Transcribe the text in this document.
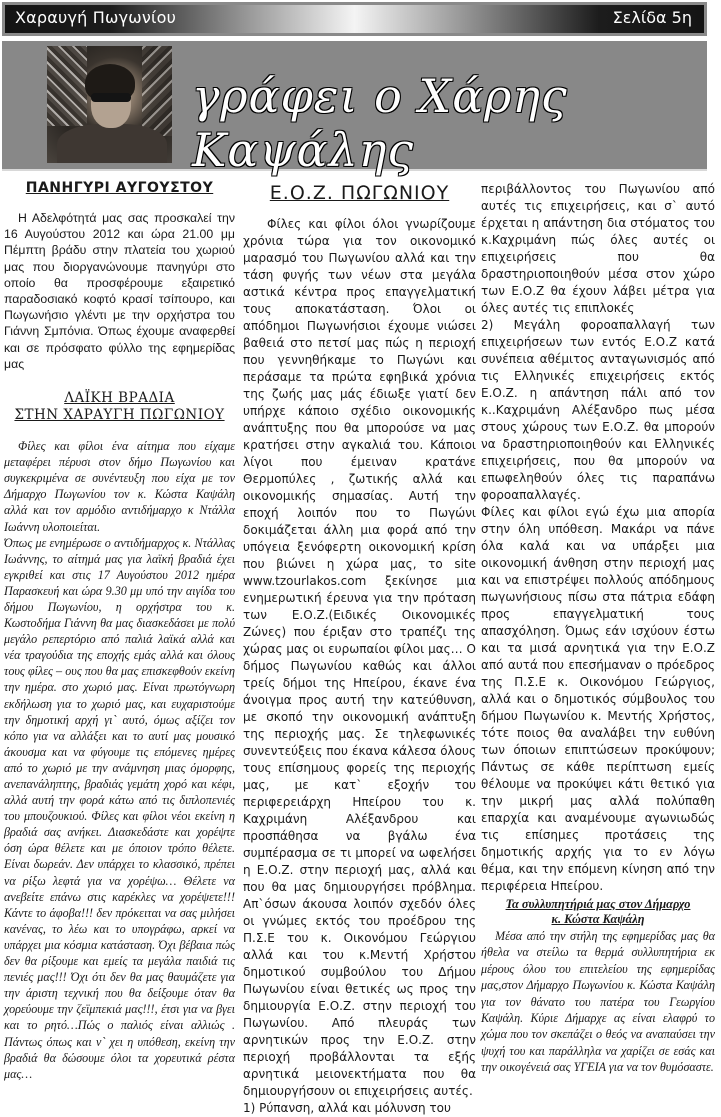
Χαραυγή Πωγωνίου	Σελίδα 5η
γράφει ο Χάρης Καψάλης
ΠΑΝΗΓΥΡΙ ΑΥΓΟΥΣΤΟΥ

Η Αδελφότητά μας σας προσκαλεί την 16 Αυγούστου 2012 και ώρα 21.00 μμ Πέμπτη βράδυ στην πλατεία του χωριού μας που διοργανώνουμε πανηγύρι στο οποίο θα προσφέρουμε εξαιρετικό παραδοσιακό κοφτό κρασί τσίπουρο, και Πωγωνήσιο γλέντι με την ορχήστρα του Γιάννη Σμπόνια. Όπως έχουμε αναφερθεί και σε πρόσφατο φύλλο της εφημερίδας μας

ΛΑΪΚΗ ΒΡΑΔΙΑ
ΣΤΗΝ ΧΑΡΑΥΓΗ ΠΩΓΩΝΙΟΥ

Φίλες και φίλοι ένα αίτημα που είχαμε μεταφέρει πέρυσι στον δήμο Πωγωνίου και συγκεκριμένα σε συνέντευξη που είχα με τον Δήμαρχο Πωγωνίου τον κ. Κώστα Καψάλη αλλά και τον αρμόδιο αντιδήμαρχο κ Ντάλλα Ιωάννη υλοποιείται.

Όπως με ενημέρωσε ο αντιδήμαρχος κ. Ντάλλας Ιωάννης, το αίτημά μας για λαϊκή βραδιά έχει εγκριθεί και στις 17 Αυγούστου 2012 ημέρα Παρασκευή και ώρα 9.30 μμ υπό την αιγίδα του δήμου Πωγωνίου, η ορχήστρα του κ. Κωστοδήμα Γιάννη θα μας διασκεδάσει με πολύ μεγάλο ρεπερτόριο από παλιά λαϊκά αλλά και νέα τραγούδια της εποχής εμάς αλλά και όλους τους φίλες – ους που θα μας επισκεφθούν εκείνη την ημέρα. στο χωριό μας. Είναι πρωτόγνωρη εκδήλωση για το χωριό μας, και ευχαριστούμε την δημοτική αρχή γι` αυτό, όμως αξίζει τον κόπο για να αλλάξει και το αυτί μας μουσικό άκουσμα και να φύγουμε τις επόμενες ημέρες από το χωριό με την ανάμνηση μιας όμορφης, ανεπανάληπτης, βραδιάς γεμάτη χορό και κέφι, αλλά αυτή την φορά κάτω από τις διπλοπενιές του μπουζουκιού. Φίλες και φίλοι νέοι εκείνη η βραδιά σας ανήκει. Διασκεδάστε και χορέψτε όση ώρα θέλετε και με όποιον τρόπο θέλετε. Είναι δωρεάν. Δεν υπάρχει το κλασσικό, πρέπει να ρίξω λεφτά για να χορέψω… Θέλετε να ανεβείτε επάνω στις καρέκλες να χορέψετε!!! Κάντε το άφοβα!!! δεν πρόκειται να σας μιλήσει κανένας, το λέω και το υπογράφω, αρκεί να υπάρχει μια κόσμια κατάσταση. Όχι βέβαια πώς δεν θα ρίξουμε και εμείς τα μεγάλα παιδιά τις πενιές μας!!! Όχι ότι δεν θα μας θαυμάζετε για την άριστη τεχνική που θα δείξουμε όταν θα χορεύουμε την ζεϊμπεκιά μας!!!, έτσι για να βγει και το ρητό…Πώς ο παλιός είναι αλλιώς . Πάντως όπως και ν` χει η υπόθεση, εκείνη την βραδιά θα δώσουμε όλοι τα χορευτικά ρέστα μας…

Ε.Ο.Ζ. ΠΩΓΩΝΙΟΥ

Φίλες και φίλοι όλοι γνωρίζουμε χρόνια τώρα για τον οικονομικό μαρασμό του Πωγωνίου αλλά και την τάση φυγής των νέων στα μεγάλα αστικά κέντρα προς επαγγελματική τους αποκατάσταση. Όλοι οι απόδημοι Πωγωνήσιοι έχουμε νιώσει βαθειά στο πετσί μας πώς η περιοχή που γεννηθήκαμε το Πωγώνι και περάσαμε τα πρώτα εφηβικά χρόνια της ζωής μας μάς έδιωξε γιατί δεν υπήρχε κάποιο σχέδιο οικονομικής ανάπτυξης που θα μπορούσε να μας κρατήσει στην αγκαλιά του. Κάποιοι λίγοι που έμειναν κρατάνε Θερμοπύλες , ζωτικής αλλά και οικονομικής σημασίας. Αυτή την εποχή λοιπόν που το Πωγώνι δοκιμάζεται άλλη μια φορά από την υπόγεια ξενόφερτη οικονομική κρίση που βιώνει η χώρα μας, το site www.tzourlakos.com ξεκίνησε μια ενημερωτική έρευνα για την πρόταση των Ε.Ο.Ζ.(Ειδικές Οικονομικές Ζώνες) που έριξαν στο τραπέζι της χώρας μας οι ευρωπαίοι φίλοι μας… Ο δήμος Πωγωνίου καθώς και άλλοι τρείς δήμοι της Ηπείρου, έκανε ένα άνοιγμα προς αυτή την κατεύθυνση, με σκοπό την οικονομική ανάπτυξη της περιοχής μας. Σε τηλεφωνικές συνεντεύξεις που έκανα κάλεσα όλους τους επίσημους φορείς της περιοχής μας, με κατ` εξοχήν του περιφερειάρχη Ηπείρου του κ. Καχριμάνη Αλέξανδρου και προσπάθησα να βγάλω ένα συμπέρασμα σε τι μπορεί να ωφελήσει η Ε.Ο.Ζ. στην περιοχή μας, αλλά και που θα μας δημιουργήσει πρόβλημα. Απ`όσων άκουσα λοιπόν σχεδόν όλες οι γνώμες εκτός του προέδρου της Π.Σ.Ε του κ. Οικονόμου Γεώργιου αλλά και του κ.Μεντή Χρήστου δημοτικού συμβούλου του Δήμου Πωγωνίου είναι θετικές ως προς την δημιουργία Ε.Ο.Ζ. στην περιοχή του Πωγωνίου. Από πλευράς των αρνητικών προς την Ε.Ο.Ζ. στην περιοχή προβάλλονται τα εξής αρνητικά μειονεκτήματα που θα δημιουργήσουν οι επιχειρήσεις αυτές.

1) Ρύπανση, αλλά και μόλυνση του

περιβάλλοντος του Πωγωνίου από αυτές τις επιχειρήσεις, και σ` αυτό έρχεται η απάντηση δια στόματος του κ.Καχριμάνη πώς όλες αυτές οι επιχειρήσεις που θα δραστηριοποιηθούν μέσα στον χώρο των Ε.Ο.Ζ θα έχουν λάβει μέτρα για όλες αυτές τις επιπλοκές

2) Μεγάλη φοροαπαλλαγή των επιχειρήσεων των εντός Ε.Ο.Ζ κατά συνέπεια αθέμιτος ανταγωνισμός από τις Ελληνικές επιχειρήσεις εκτός Ε.Ο.Ζ. η απάντηση πάλι από τον κ..Καχριμάνη Αλέξανδρο πως μέσα στους χώρους των Ε.Ο.Ζ. θα μπορούν να δραστηριοποιηθούν και Ελληνικές επιχειρήσεις, που θα μπορούν να επωφεληθούν όλες τις παραπάνω φοροαπαλλαγές.

Φίλες και φίλοι εγώ έχω μια απορία στην όλη υπόθεση. Μακάρι να πάνε όλα καλά και να υπάρξει μια οικονομική άνθηση στην περιοχή μας και να επιστρέψει πολλούς απόδημους πωγωνήσιους πίσω στα πάτρια εδάφη προς επαγγελματική τους απασχόληση. Όμως εάν ισχύουν έστω και τα μισά αρνητικά για την Ε.Ο.Ζ από αυτά που επεσήμαναν ο πρόεδρος της Π.Σ.Ε κ. Οικονόμου Γεώργιος, αλλά και ο δημοτικός σύμβουλος του δήμου Πωγωνίου κ. Μεντής Χρήστος, τότε ποιος θα αναλάβει την ευθύνη των όποιων επιπτώσεων προκύψουν; Πάντως σε κάθε περίπτωση εμείς θέλουμε να προκύψει κάτι θετικό για την μικρή μας αλλά πολύπαθη επαρχία και αναμένουμε αγωνιωδώς τις επίσημες προτάσεις της δημοτικής αρχής για το εν λόγω θέμα, και την επόμενη κίνηση από την περιφέρεια Ηπείρου.

Τα συλλυπητήριά μας στον Δήμαρχο
κ. Κώστα Καψάλη

Μέσα από την στήλη της εφημερίδας μας θα ήθελα να στείλω τα θερμά συλλυπητήρια εκ μέρους όλου του επιτελείου της εφημερίδας μας,στον Δήμαρχο Πωγωνίου κ. Κώστα Καψάλη για τον θάνατο του πατέρα του Γεωργίου Καψάλη. Κύριε Δήμαρχε ας είναι ελαφρύ το χώμα που τον σκεπάζει ο θεός να αναπαύσει την ψυχή του και παράλληλα να χαρίζει σε εσάς και την οικογένειά σας ΥΓΕΙΑ για να τον θυμόσαστε.
